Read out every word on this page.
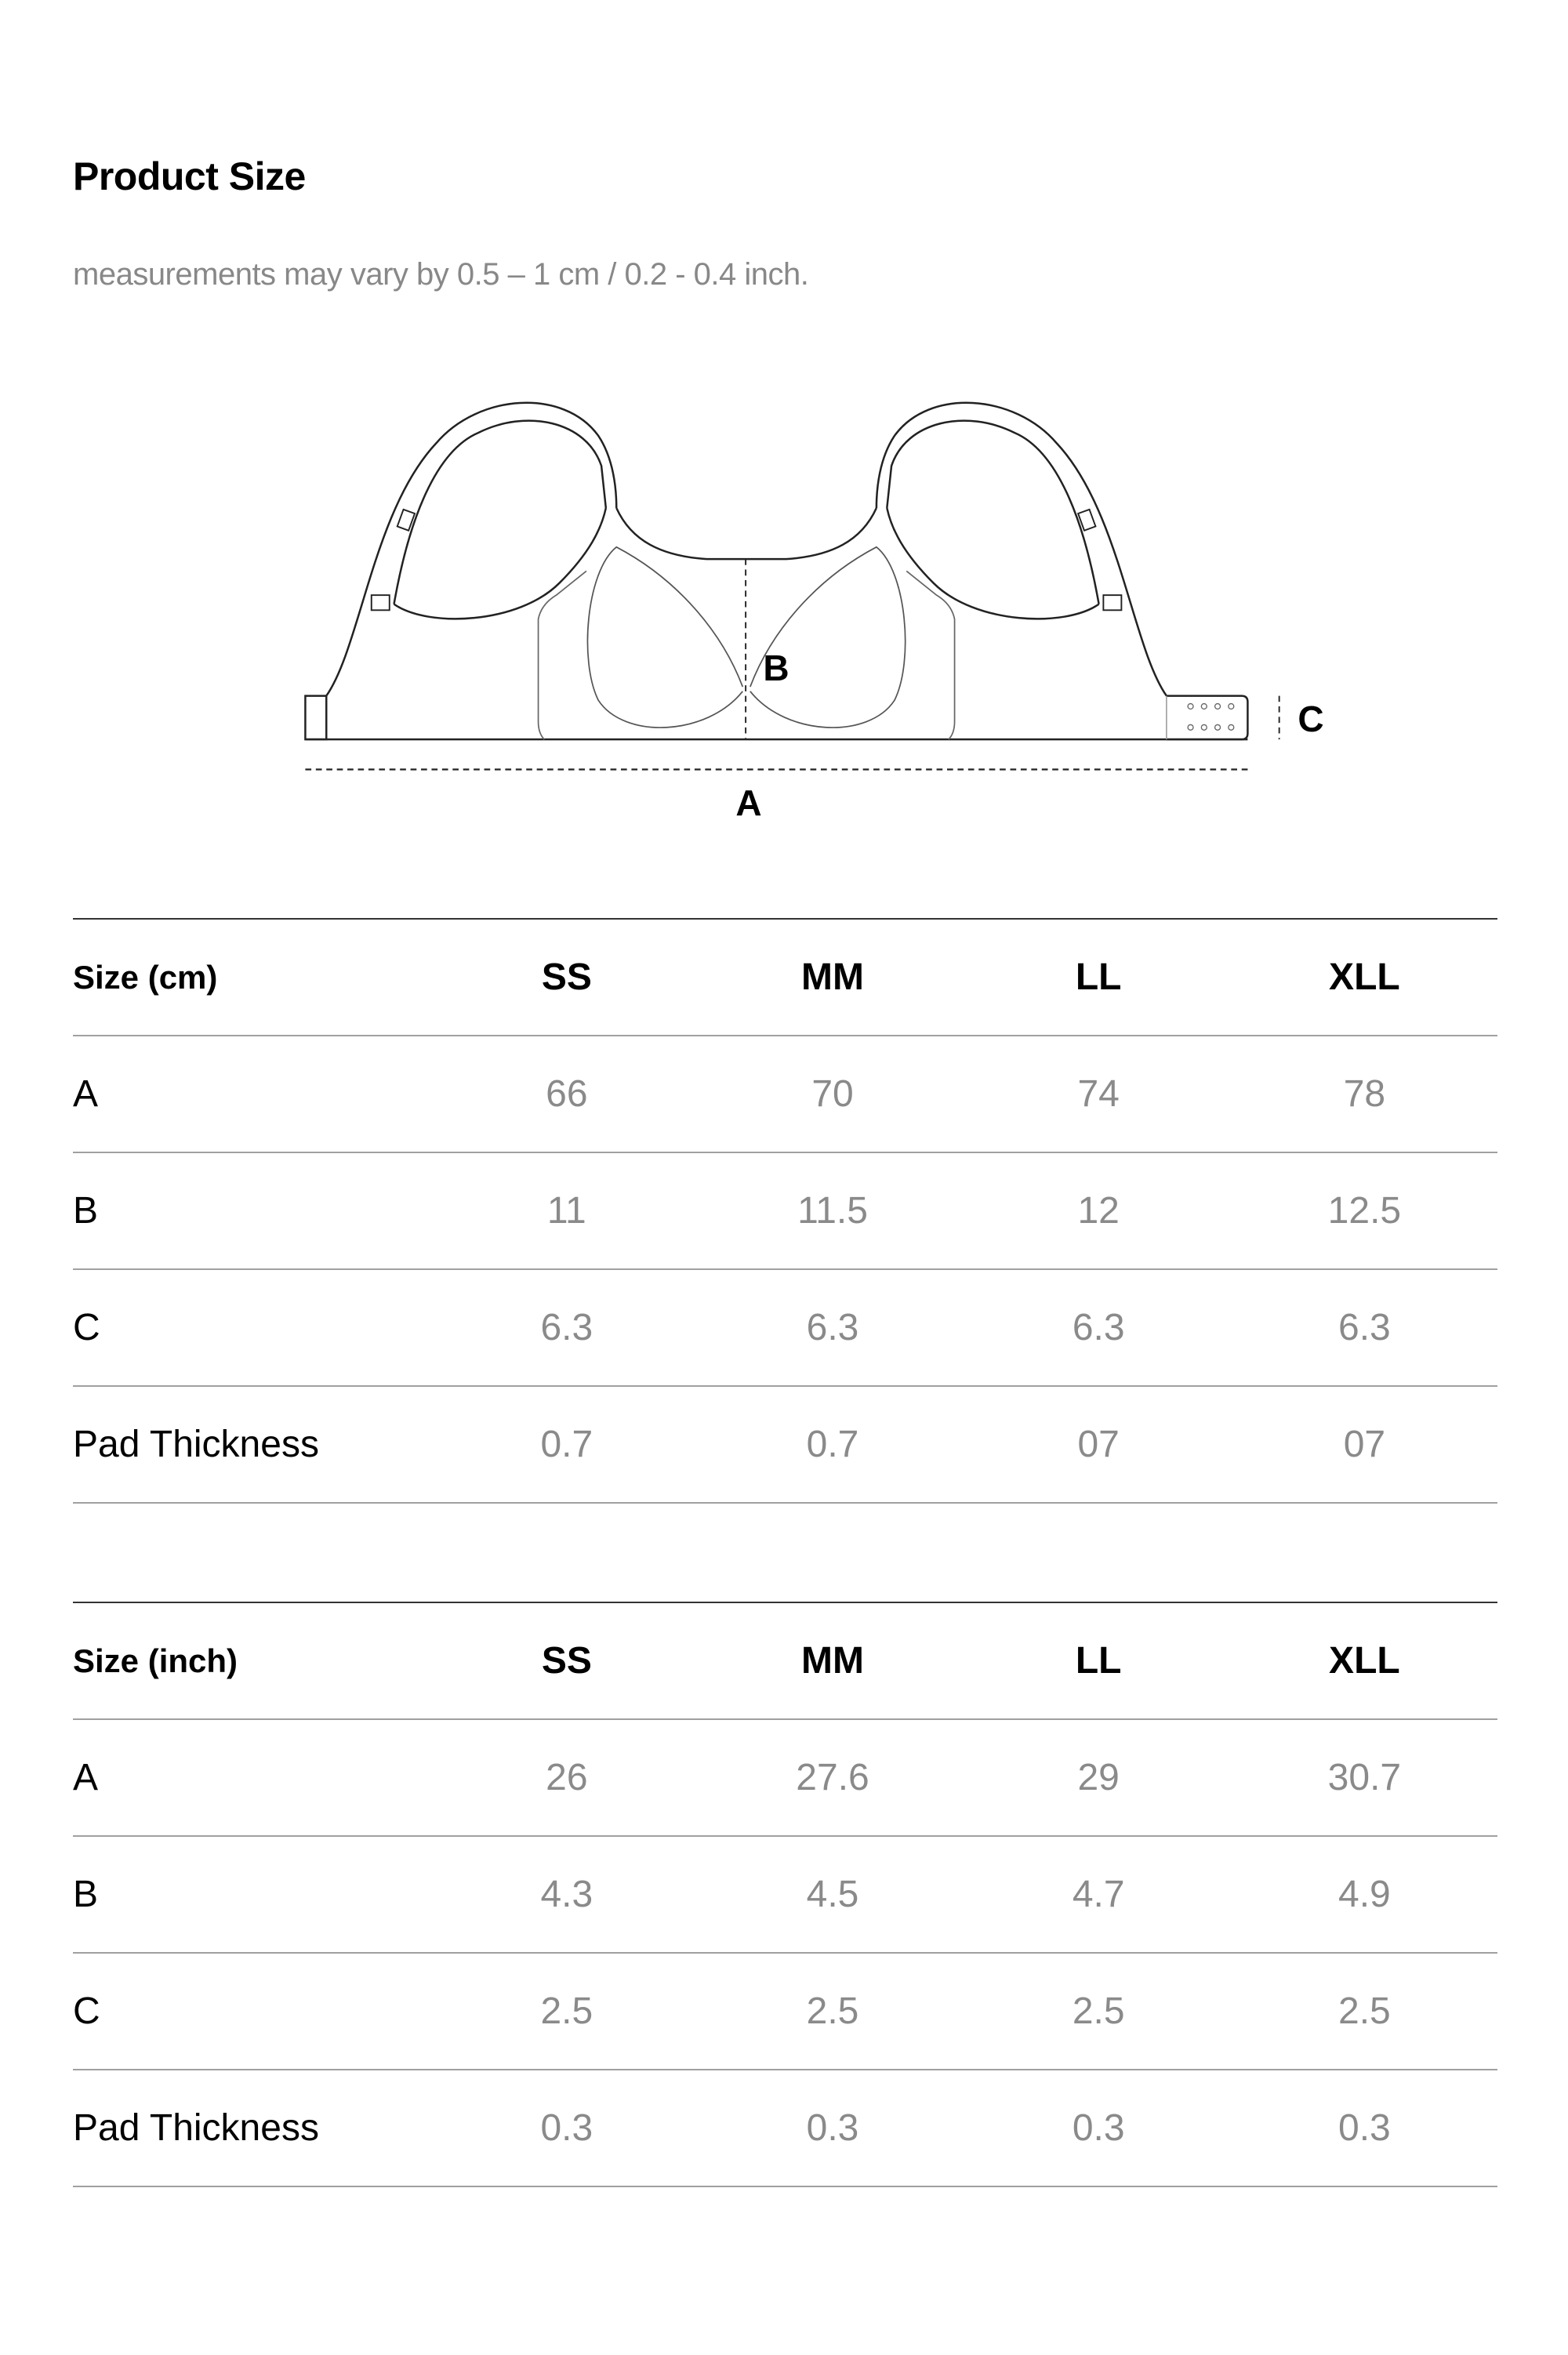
Product Size
measurements may vary by 0.5 – 1 cm / 0.2 - 0.4 inch.
A
B
C
Size (cm)	SS	MM	LL	XLL
A	66	70	74	78
B	11	11.5	12	12.5
C	6.3	6.3	6.3	6.3
Pad Thickness	0.7	0.7	07	07
Size (inch)	SS	MM	LL	XLL
A	26	27.6	29	30.7
B	4.3	4.5	4.7	4.9
C	2.5	2.5	2.5	2.5
Pad Thickness	0.3	0.3	0.3	0.3
